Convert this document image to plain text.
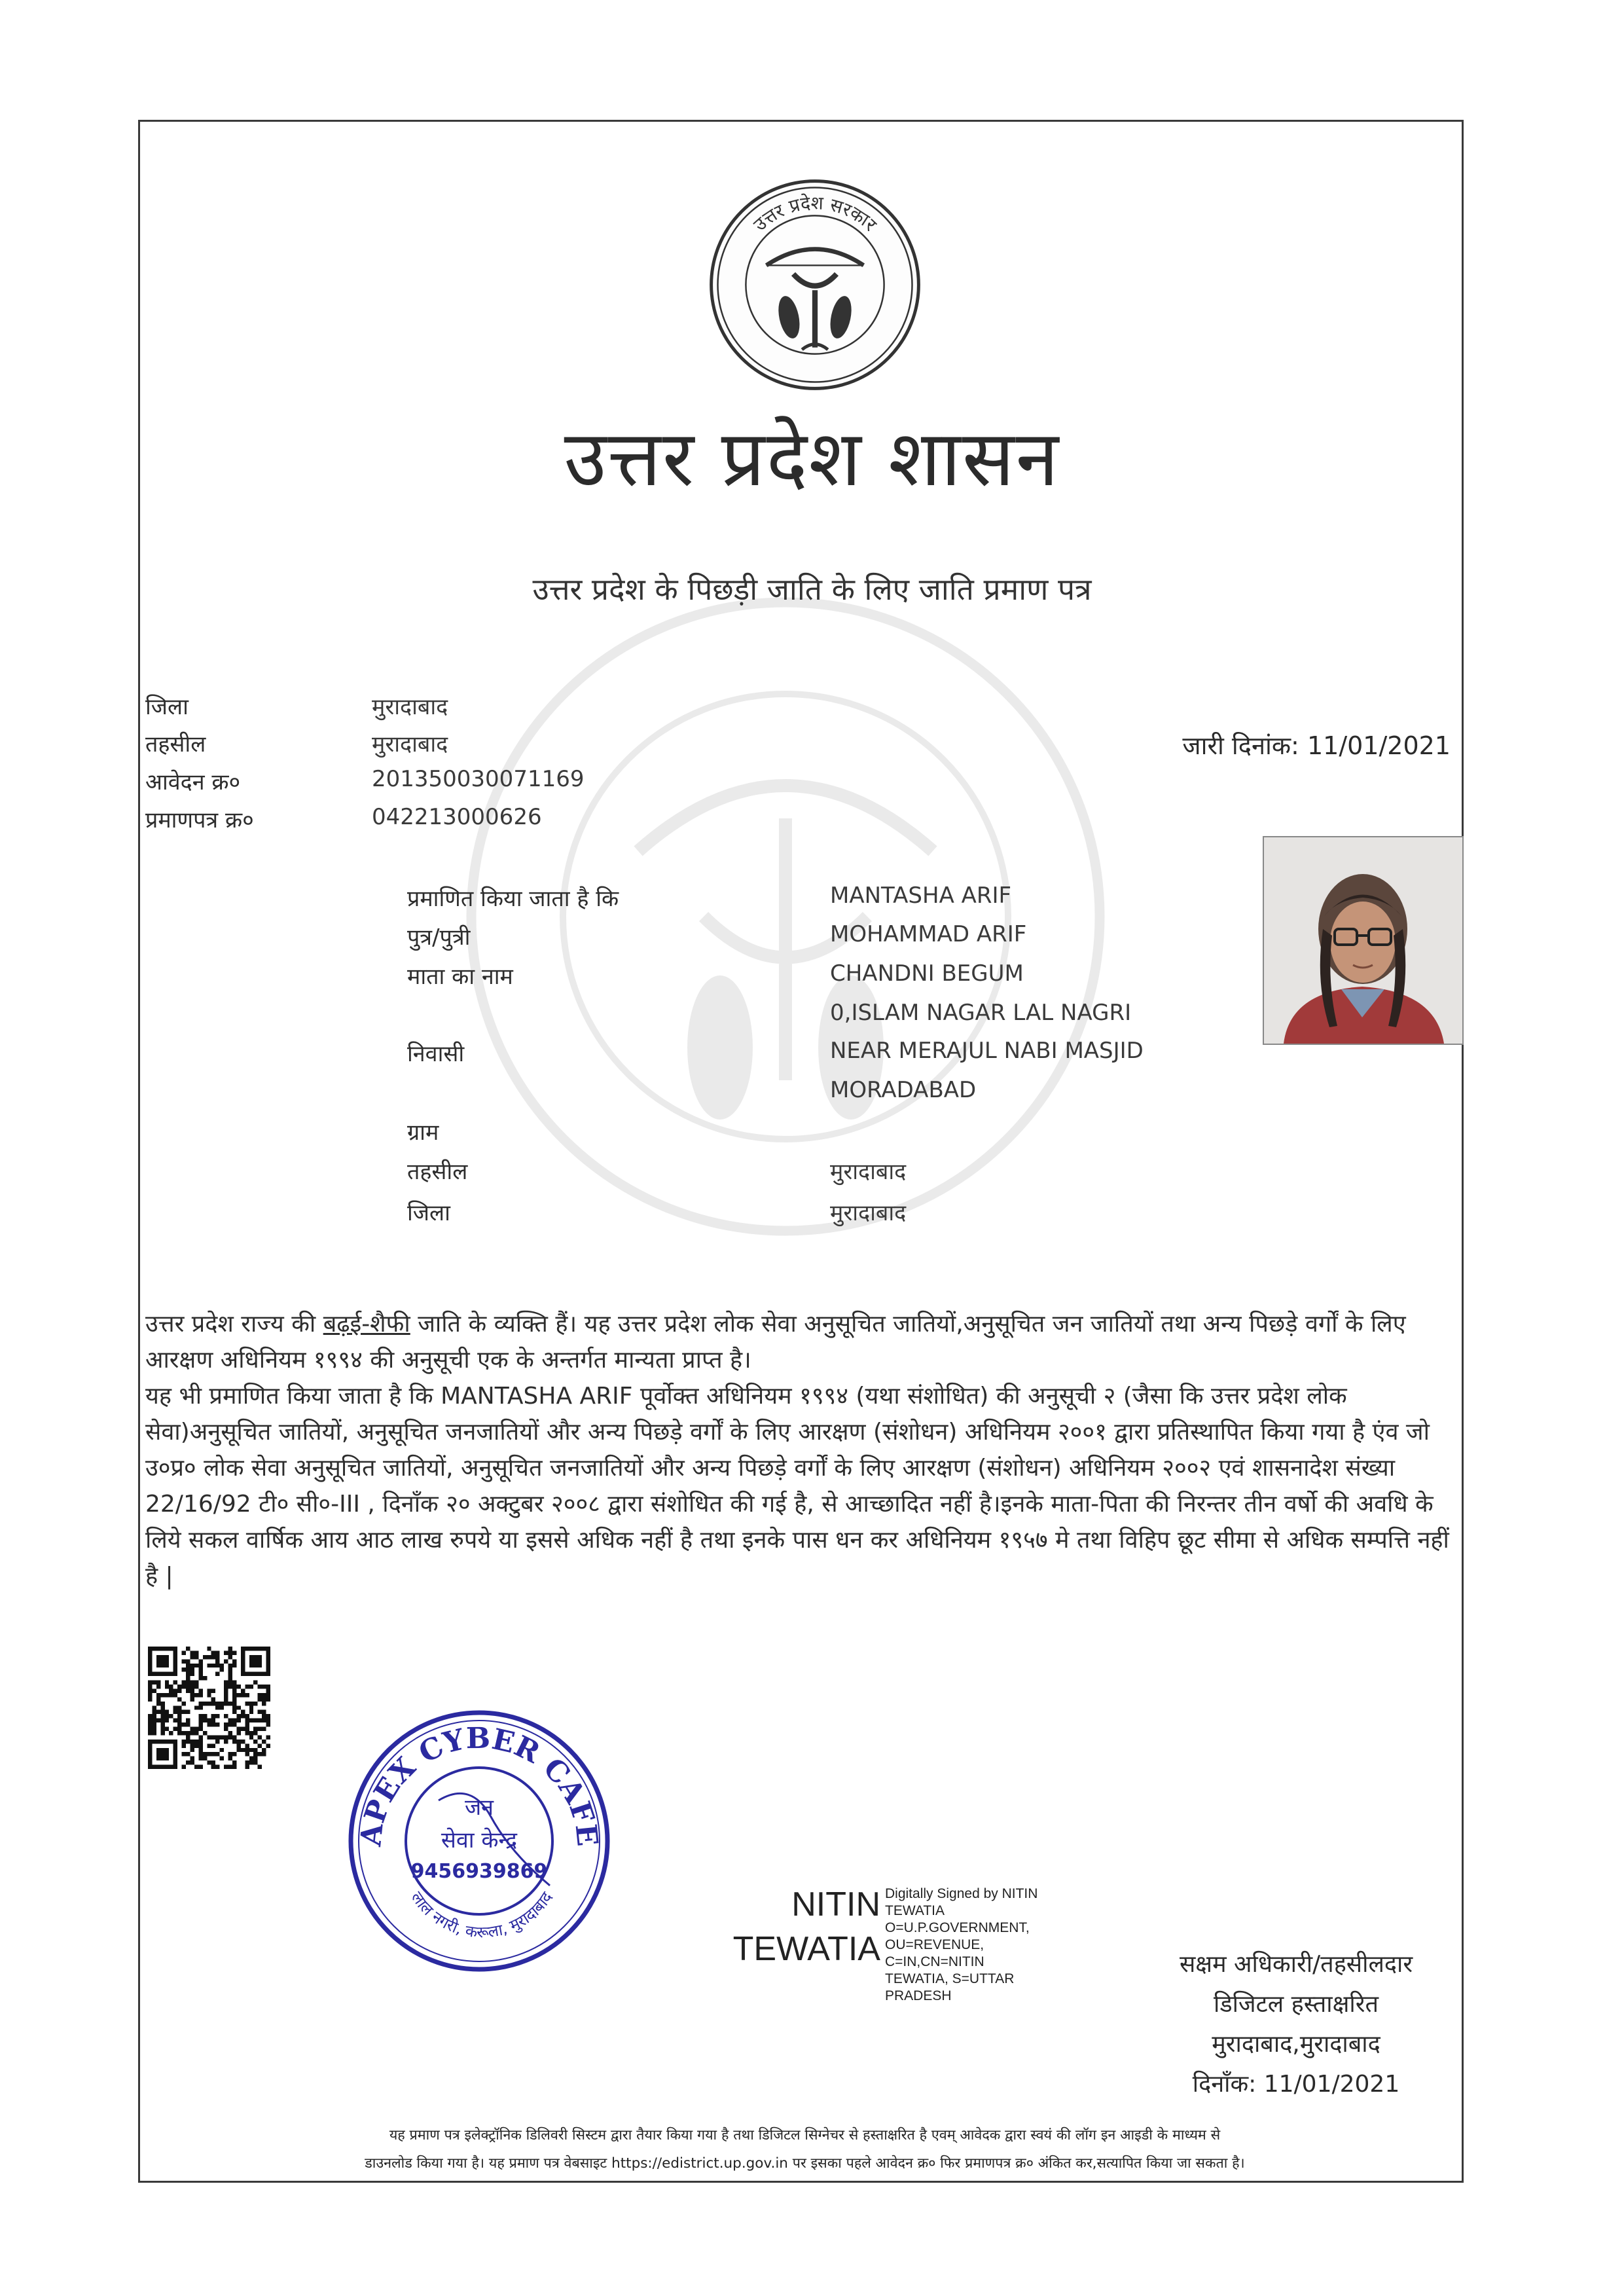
उत्तर प्रदेश सरकार
उत्तर प्रदेश शासन
उत्तर प्रदेश के पिछड़ी जाति के लिए जाति प्रमाण पत्र
जिला	मुरादाबाद
तहसील	मुरादाबाद
आवेदन क्र०	201350030071169
प्रमाणपत्र क्र०	042213000626
जारी दिनांक: 11/01/2021
प्रमाणित किया जाता है कि	MANTASHA ARIF
पुत्र/पुत्री	MOHAMMAD ARIF
माता का नाम	CHANDNI BEGUM
0,ISLAM NAGAR LAL NAGRI
निवासी	NEAR MERAJUL NABI MASJID
MORADABAD
ग्राम
तहसील	मुरादाबाद
जिला	मुरादाबाद
उत्तर प्रदेश राज्य की बढ़ई-शैफी जाति के व्यक्ति हैं। यह उत्तर प्रदेश लोक सेवा अनुसूचित जातियों,अनुसूचित जन जातियों तथा अन्य पिछड़े वर्गों के लिए आरक्षण अधिनियम १९९४ की अनुसूची एक के अन्तर्गत मान्यता प्राप्त है।
यह भी प्रमाणित किया जाता है कि MANTASHA ARIF पूर्वोक्त अधिनियम १९९४ (यथा संशोधित) की अनुसूची २ (जैसा कि उत्तर प्रदेश लोक सेवा)अनुसूचित जातियों, अनुसूचित जनजातियों और अन्य पिछड़े वर्गों के लिए आरक्षण (संशोधन) अधिनियम २००१ द्वारा प्रतिस्थापित किया गया है एंव जो उ०प्र० लोक सेवा अनुसूचित जातियों, अनुसूचित जनजातियों और अन्य पिछड़े वर्गों के लिए आरक्षण (संशोधन) अधिनियम २००२ एवं शासनादेश संख्या 22/16/92 टी० सी०-III , दिनाँक २० अक्टुबर २००८ द्वारा संशोधित की गई है, से आच्छादित नहीं है।इनके माता-पिता की निरन्तर तीन वर्षो की अवधि के लिये सकल वार्षिक आय आठ लाख रुपये या इससे अधिक नहीं है तथा इनके पास धन कर अधिनियम १९५७ मे तथा विहिप छूट सीमा से अधिक सम्पत्ति नहीं है |
APEX CYBER CAFE
लाल नगरी, करूला, मुरादाबाद
जन
सेवा केन्द्र
9456939869
NITIN
TEWATIA
Digitally Signed by NITIN
TEWATIA
O=U.P.GOVERNMENT,
OU=REVENUE,
C=IN,CN=NITIN
TEWATIA, S=UTTAR
PRADESH
सक्षम अधिकारी/तहसीलदार
डिजिटल हस्ताक्षरित
मुरादाबाद,मुरादाबाद
दिनाँक: 11/01/2021
यह प्रमाण पत्र इलेक्ट्रॉनिक डिलिवरी सिस्टम द्वारा तैयार किया गया है तथा डिजिटल सिग्नेचर से हस्ताक्षरित है एवम् आवेदक द्वारा स्वयं की लॉग इन आइडी के माध्यम से
डाउनलोड किया गया है। यह प्रमाण पत्र वेबसाइट https://edistrict.up.gov.in पर इसका पहले आवेदन क्र० फिर प्रमाणपत्र क्र० अंकित कर,सत्यापित किया जा सकता है।
